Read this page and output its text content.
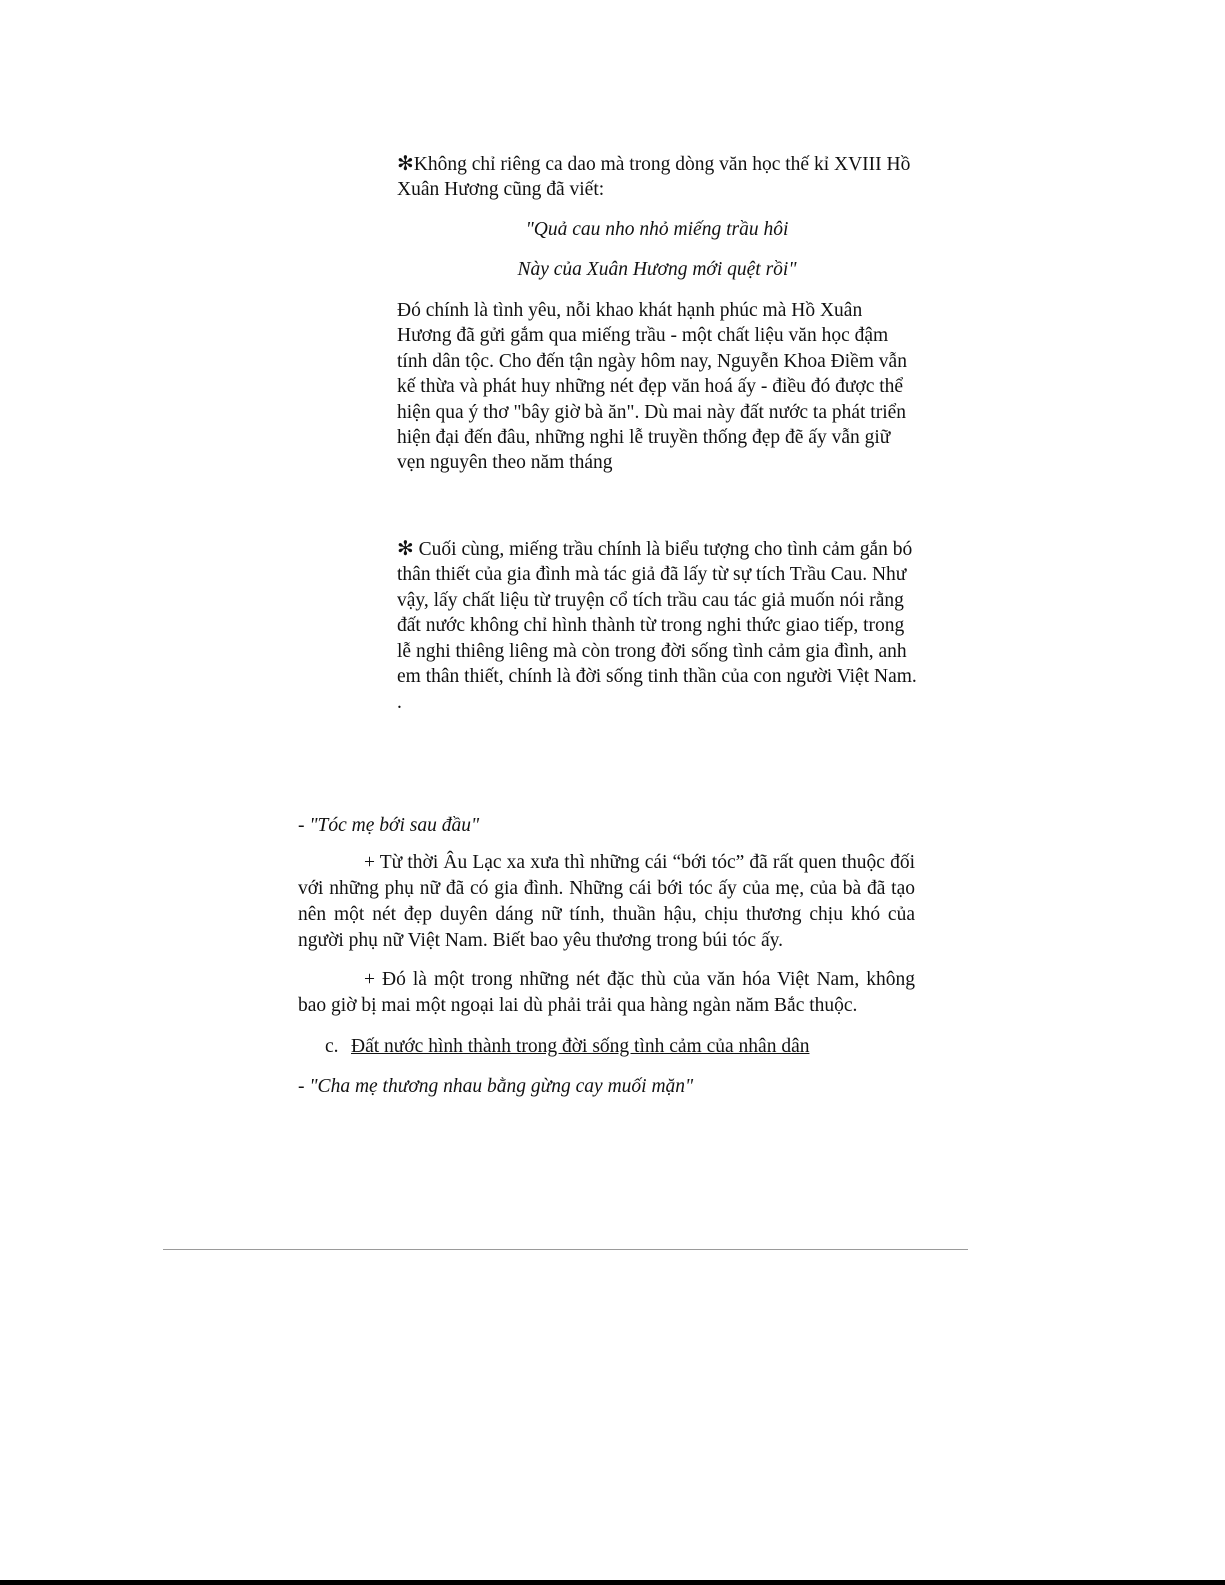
✻Không chỉ riêng ca dao mà trong dòng văn học thế kỉ XVIII Hồ Xuân Hương cũng đã viết:
"Quả cau nho nhỏ miếng trầu hôi
Này của Xuân Hương mới quệt rồi"
Đó chính là tình yêu, nỗi khao khát hạnh phúc mà Hồ Xuân Hương đã gửi gắm qua miếng trầu - một chất liệu văn học đậm tính dân tộc. Cho đến tận ngày hôm nay, Nguyễn Khoa Điềm vẫn kế thừa và phát huy những nét đẹp văn hoá ấy - điều đó được thể hiện qua ý thơ "bây giờ bà ăn". Dù mai này đất nước ta phát triển hiện đại đến đâu, những nghi lễ truyền thống đẹp đẽ ấy vẫn giữ vẹn nguyên theo năm tháng
✻ Cuối cùng, miếng trầu chính là biểu tượng cho tình cảm gắn bó thân thiết của gia đình mà tác giả đã lấy từ sự tích Trầu Cau. Như vậy, lấy chất liệu từ truyện cổ tích trầu cau tác giả muốn nói rằng đất nước không chỉ hình thành từ trong nghi thức giao tiếp, trong lễ nghi thiêng liêng mà còn trong đời sống tình cảm gia đình, anh em thân thiết, chính là đời sống tinh thần của con người Việt Nam.
.
- "Tóc mẹ bới sau đầu"
+ Từ thời Âu Lạc xa xưa thì những cái “bới tóc” đã rất quen thuộc đối với những phụ nữ đã có gia đình. Những cái bới tóc ấy của mẹ, của bà đã tạo nên một nét đẹp duyên dáng nữ tính, thuần hậu, chịu thương chịu khó của người phụ nữ Việt Nam. Biết bao yêu thương trong búi tóc ấy.
+ Đó là một trong những nét đặc thù của văn hóa Việt Nam, không bao giờ bị mai một ngoại lai dù phải trải qua hàng ngàn năm Bắc thuộc.
c. Đất nước hình thành trong đời sống tình cảm của nhân dân
- "Cha mẹ thương nhau bằng gừng cay muối mặn"
